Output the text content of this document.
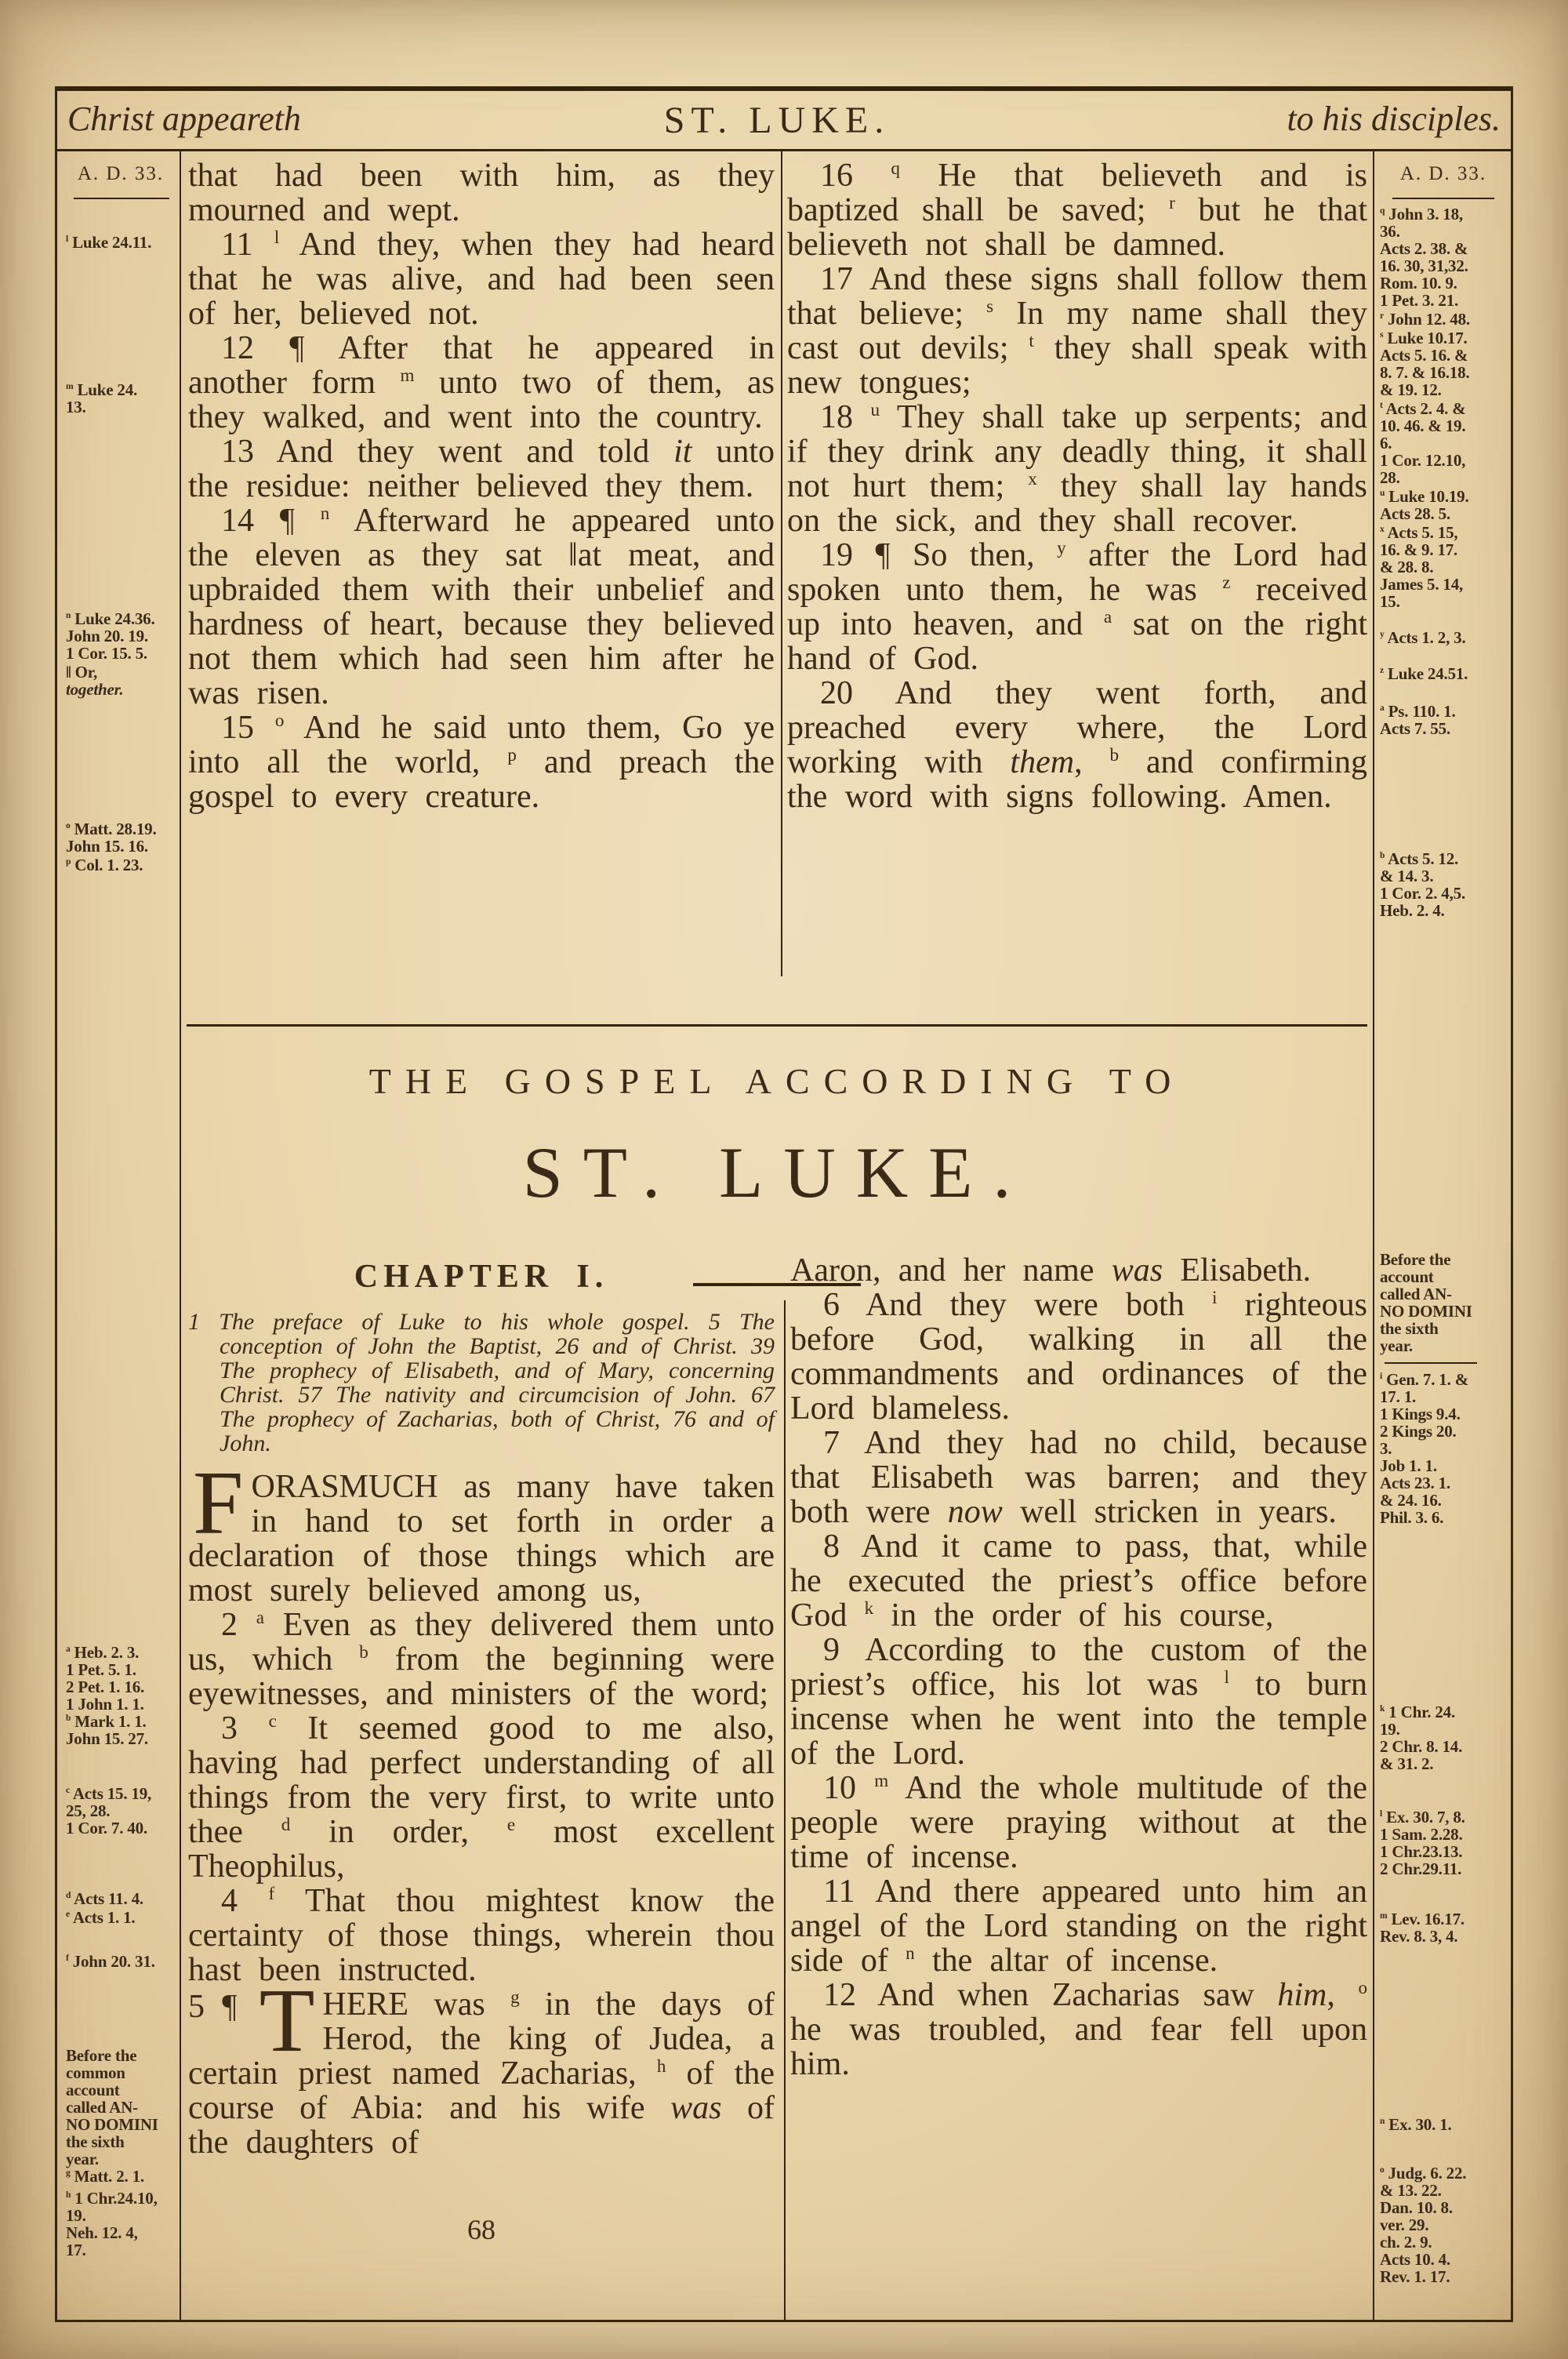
Christ appeareth	ST. LUKE.	to his disciples.
A. D. 33.	A. D. 33.
$^l$ Luke 24.11.
$^m$ Luke 24.
13.
$^n$ Luke 24.36.
John 20. 19.
1 Cor. 15. 5.
‖ Or,
together.
$^o$ Matt. 28.19.
John 15. 16.
$^p$ Col. 1. 23.
$^q$ John 3. 18,
36.
Acts 2. 38. &
16. 30, 31,32.
Rom. 10. 9.
1 Pet. 3. 21.
$^r$ John 12. 48.
$^s$ Luke 10.17.
Acts 5. 16. &
8. 7. & 16.18.
& 19. 12.
$^t$ Acts 2. 4. &
10. 46. & 19.
6.
1 Cor. 12.10,
28.
$^u$ Luke 10.19.
Acts 28. 5.
$^x$ Acts 5. 15,
16. & 9. 17.
& 28. 8.
James 5. 14,
15.
$^y$ Acts 1. 2, 3.
$^z$ Luke 24.51.
$^a$ Ps. 110. 1.
Acts 7. 55.
$^b$ Acts 5. 12.
& 14. 3.
1 Cor. 2. 4,5.
Heb. 2. 4.
$^a$ Heb. 2. 3.
1 Pet. 5. 1.
2 Pet. 1. 16.
1 John 1. 1.
$^b$ Mark 1. 1.
John 15. 27.
$^c$ Acts 15. 19,
25, 28.
1 Cor. 7. 40.
$^d$ Acts 11. 4.
$^e$ Acts 1. 1.
$^f$ John 20. 31.
Before the
common
account
called AN-
NO DOMINI
the sixth
year.
$^g$ Matt. 2. 1.
$^h$ 1 Chr.24.10,
19.
Neh. 12. 4,
17.
Before the
account
called AN-
NO DOMINI
the sixth
year.
$^i$ Gen. 7. 1. &
17. 1.
1 Kings 9.4.
2 Kings 20.
3.
Job 1. 1.
Acts 23. 1.
& 24. 16.
Phil. 3. 6.
$^k$ 1 Chr. 24.
19.
2 Chr. 8. 14.
& 31. 2.
$^l$ Ex. 30. 7, 8.
1 Sam. 2.28.
1 Chr.23.13.
2 Chr.29.11.
$^m$ Lev. 16.17.
Rev. 8. 3, 4.
$^n$ Ex. 30. 1.
$^o$ Judg. 6. 22.
& 13. 22.
Dan. 10. 8.
ver. 29.
ch. 2. 9.
Acts 10. 4.
Rev. 1. 17.

that had been with him, as they mourned and wept.

11 $^l$ And they, when they had heard that he was alive, and had been seen of her, believed not.

12 ¶ After that he appeared in another form $^m$ unto two of them, as they walked, and went into the country.

13 And they went and told it unto the residue: neither believed they them.

14 ¶ $^n$ Afterward he appeared unto the eleven as they sat ‖at meat, and upbraided them with their unbelief and hardness of heart, because they believed not them which had seen him after he was risen.

15 $^o$ And he said unto them, Go ye into all the world, $^p$ and preach the gospel to every creature.

16 $^q$ He that believeth and is baptized shall be saved; $^r$ but he that believeth not shall be damned.

17 And these signs shall follow them that believe; $^s$ In my name shall they cast out devils; $^t$ they shall speak with new tongues;

18 $^u$ They shall take up serpents; and if they drink any deadly thing, it shall not hurt them; $^x$ they shall lay hands on the sick, and they shall recover.

19 ¶ So then, $^y$ after the Lord had spoken unto them, he was $^z$ received up into heaven, and $^a$ sat on the right hand of God.

20 And they went forth, and preached every where, the Lord working with them, $^b$ and confirming the word with signs following. Amen.

THE GOSPEL ACCORDING TO
ST. LUKE.
CHAPTER I.

1 The preface of Luke to his whole gospel. 5 The conception of John the Baptist, 26 and of Christ. 39 The prophecy of Elisabeth, and of Mary, concerning Christ. 57 The nativity and circumcision of John. 67 The prophecy of Zacharias, both of Christ, 76 and of John.

F ORASMUCH as many have taken in hand to set forth in order a declaration of those things which are most surely believed among us,

2 $^a$ Even as they delivered them unto us, which $^b$ from the beginning were eyewitnesses, and ministers of the word;

3 $^c$ It seemed good to me also, having had perfect understanding of all things from the very first, to write unto thee $^d$ in order, $^e$ most excellent Theophilus,

4 $^f$ That thou mightest know the certainty of those things, wherein thou hast been instructed.

5 ¶ T HERE was $^g$ in the days of Herod, the king of Judea, a certain priest named Zacharias, $^h$ of the course of Abia: and his wife was of the daughters of

Aaron, and her name was Elisabeth.

6 And they were both $^i$ righteous before God, walking in all the commandments and ordinances of the Lord blameless.

7 And they had no child, because that Elisabeth was barren; and they both were now well stricken in years.

8 And it came to pass, that, while he executed the priest’s office before God $^k$ in the order of his course,

9 According to the custom of the priest’s office, his lot was $^l$ to burn incense when he went into the temple of the Lord.

10 $^m$ And the whole multitude of the people were praying without at the time of incense.

11 And there appeared unto him an angel of the Lord standing on the right side of $^n$ the altar of incense.

12 And when Zacharias saw him, $^o$ he was troubled, and fear fell upon him.

68
